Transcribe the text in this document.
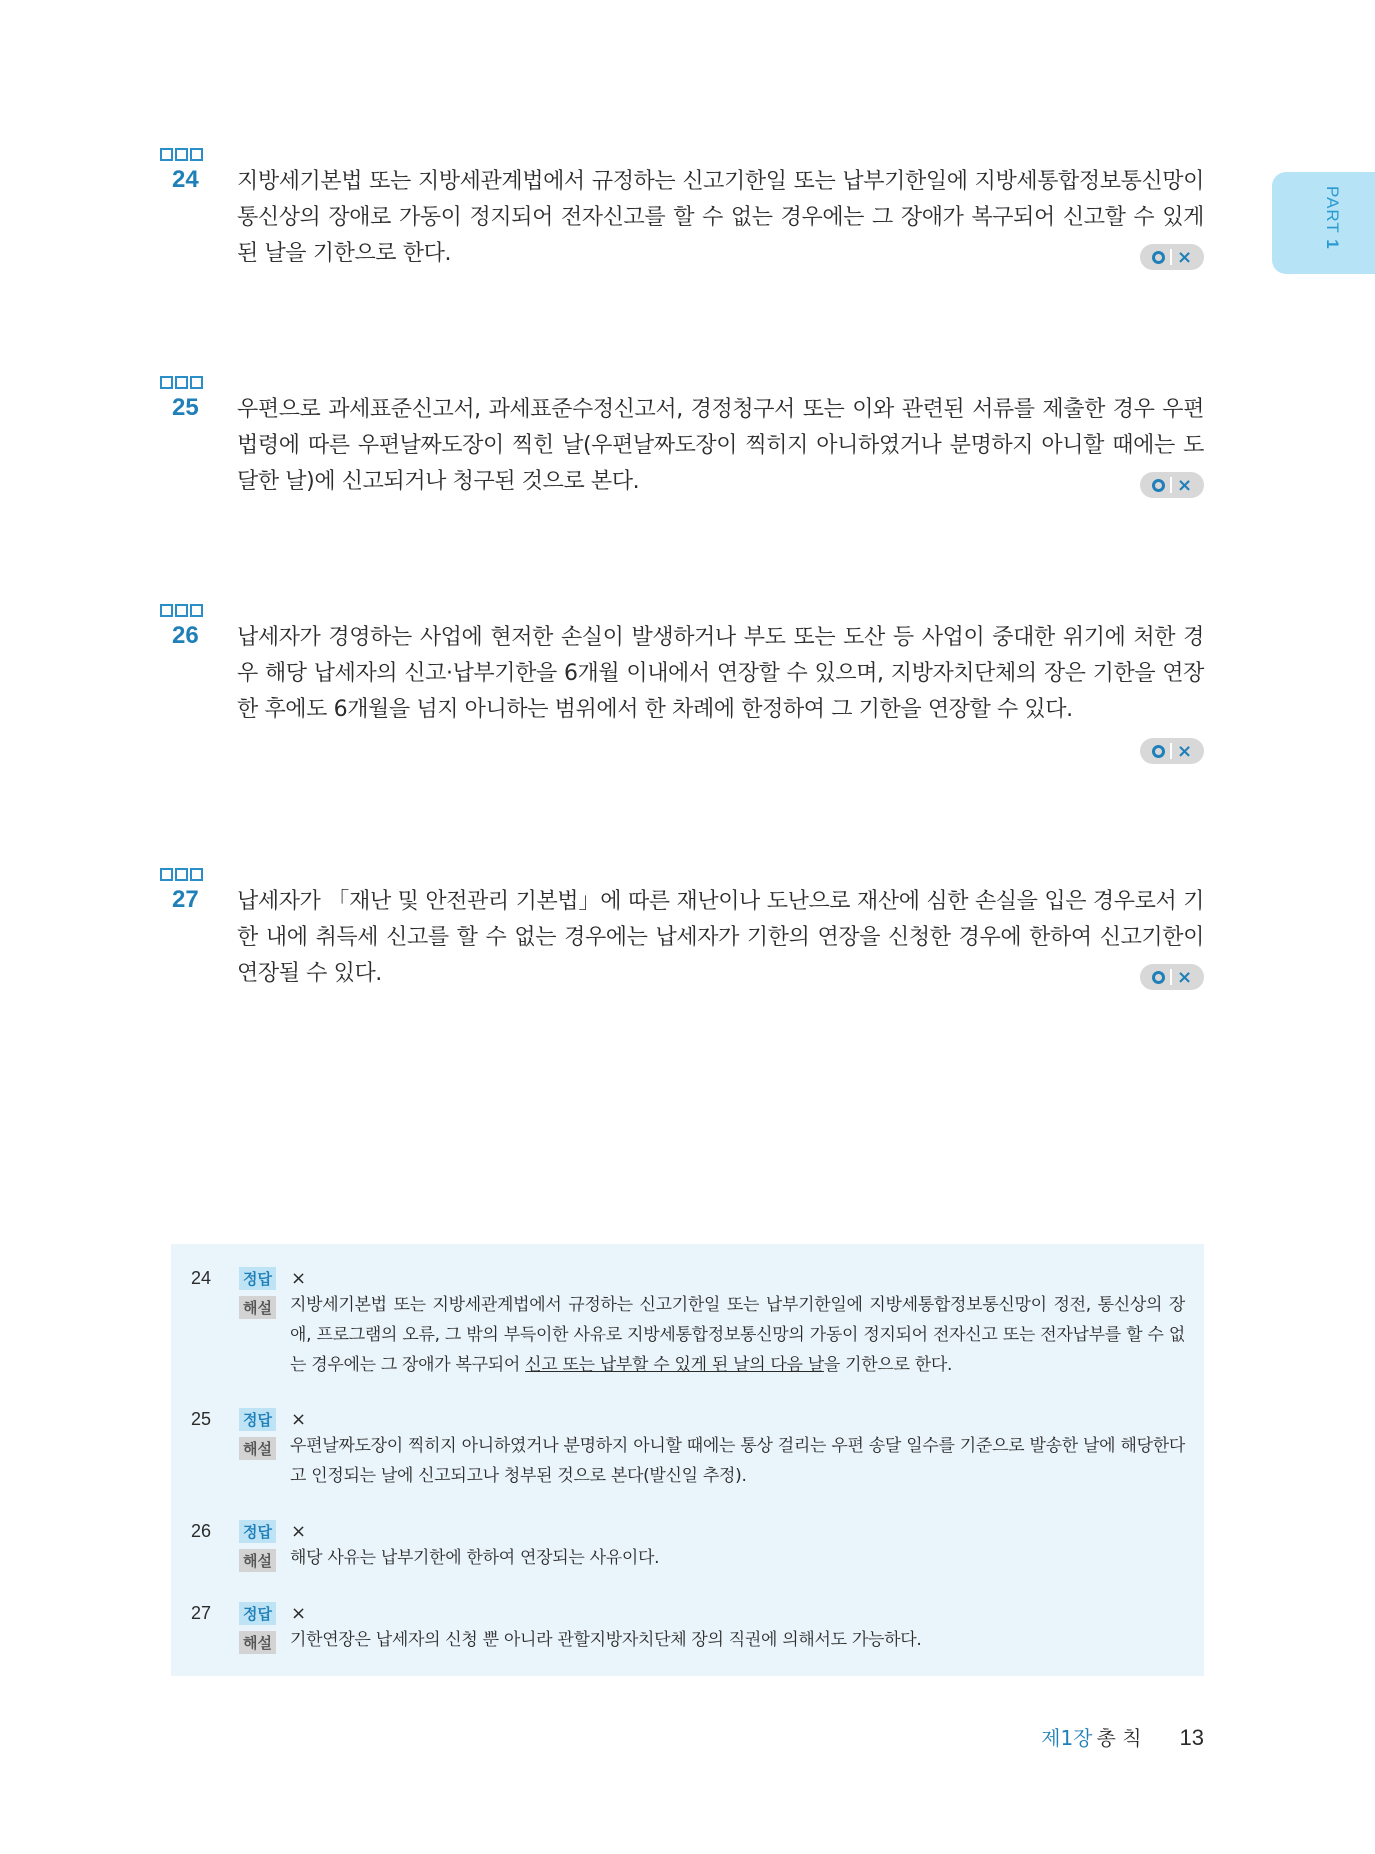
PART 1
24 지방세기본법 또는 지방세관계법에서 규정하는 신고기한일 또는 납부기한일에 지방세통합정보통신망이 통신상의 장애로 가동이 정지되어 전자신고를 할 수 없는 경우에는 그 장애가 복구되어 신고할 수 있게 된 날을 기한으로 한다.	×
25 우편으로 과세표준신고서, 과세표준수정신고서, 경정청구서 또는 이와 관련된 서류를 제출한 경우 우편법령에 따른 우편날짜도장이 찍힌 날(우편날짜도장이 찍히지 아니하였거나 분명하지 아니할 때에는 도달한 날)에 신고되거나 청구된 것으로 본다.	×
26 납세자가 경영하는 사업에 현저한 손실이 발생하거나 부도 또는 도산 등 사업이 중대한 위기에 처한 경우 해당 납세자의 신고·납부기한을 6개월 이내에서 연장할 수 있으며, 지방자치단체의 장은 기한을 연장한 후에도 6개월을 넘지 아니하는 범위에서 한 차례에 한정하여 그 기한을 연장할 수 있다.
×
27 납세자가 「재난 및 안전관리 기본법」에 따른 재난이나 도난으로 재산에 심한 손실을 입은 경우로서 기한 내에 취득세 신고를 할 수 없는 경우에는 납세자가 기한의 연장을 신청한 경우에 한하여 신고기한이 연장될 수 있다.	×
24 정답 ×
해설 지방세기본법 또는 지방세관계법에서 규정하는 신고기한일 또는 납부기한일에 지방세통합정보통신망이 정전, 통신상의 장애, 프로그램의 오류, 그 밖의 부득이한 사유로 지방세통합정보통신망의 가동이 정지되어 전자신고 또는 전자납부를 할 수 없는 경우에는 그 장애가 복구되어 신고 또는 납부할 수 있게 된 날의 다음 날을 기한으로 한다.
25 정답 ×
해설 우편날짜도장이 찍히지 아니하였거나 분명하지 아니할 때에는 통상 걸리는 우편 송달 일수를 기준으로 발송한 날에 해당한다고 인정되는 날에 신고되고나 청부된 것으로 본다(발신일 추정).
26 정답 ×
해설 해당 사유는 납부기한에 한하여 연장되는 사유이다.
27 정답 ×
해설 기한연장은 납세자의 신청 뿐 아니라 관할지방자치단체 장의 직권에 의해서도 가능하다.
제1장 총 칙 13
